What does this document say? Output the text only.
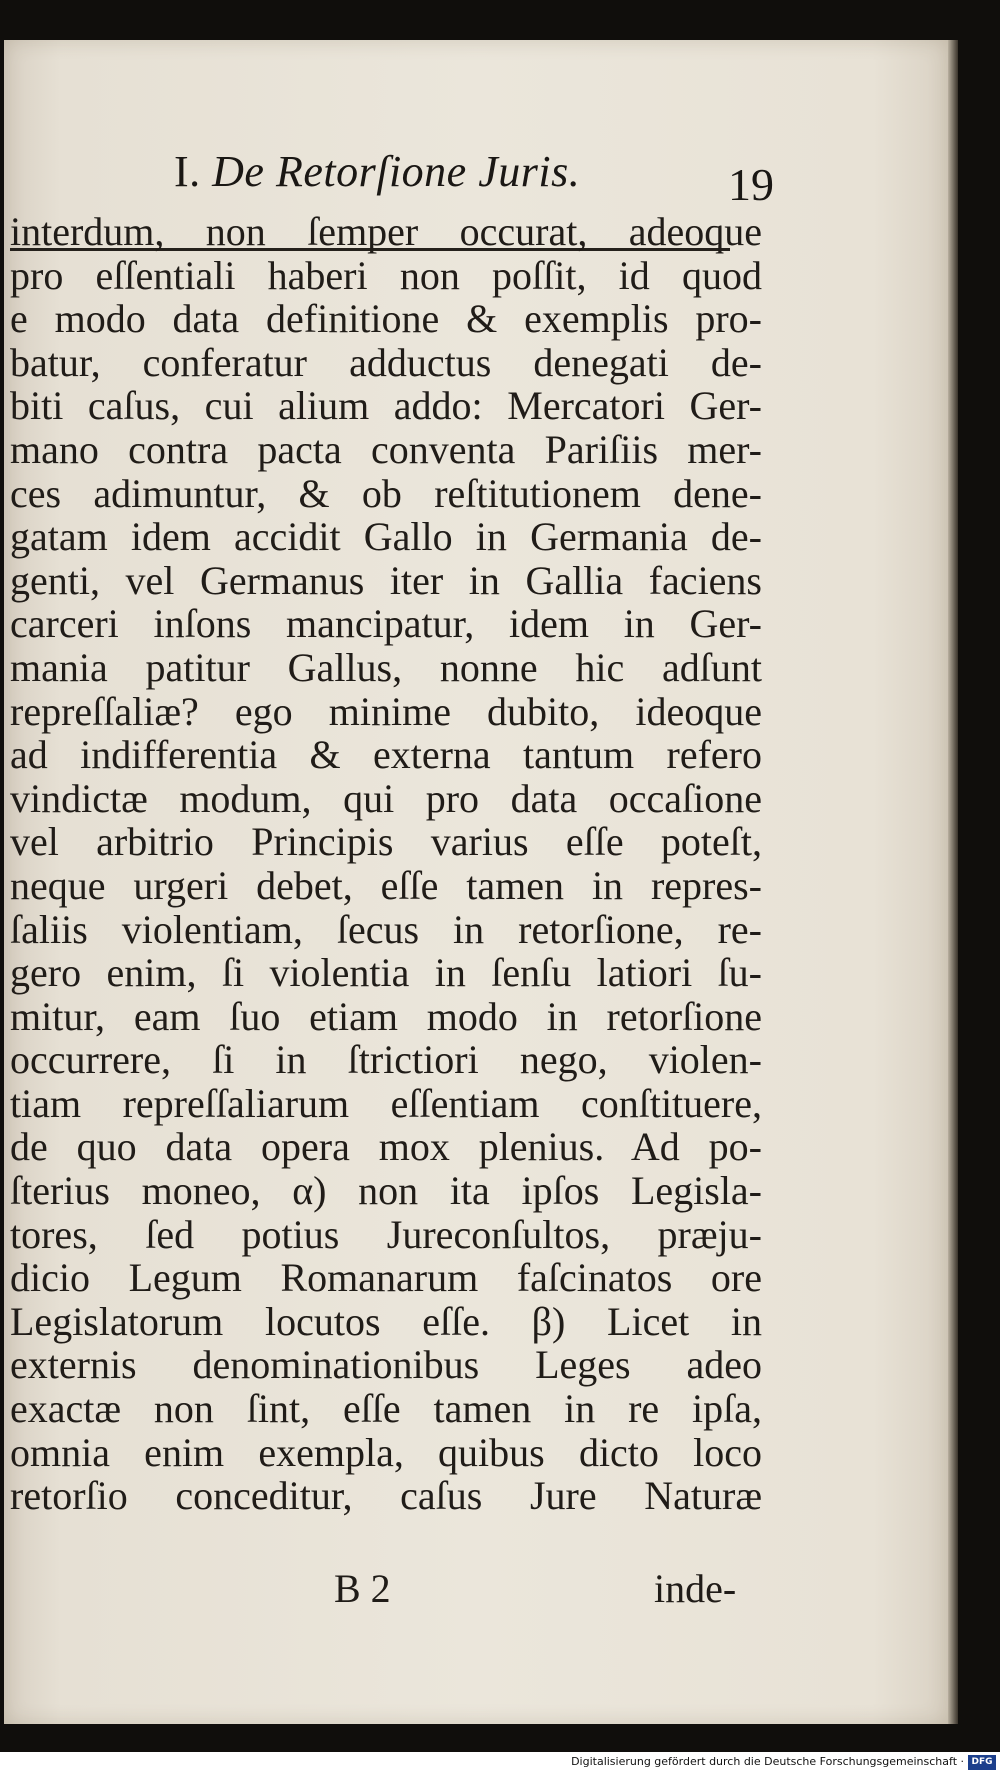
I. De Retorſione Juris.	19
interdum, non ſemper occurat, adeoque
pro eſſentiali haberi non poſſit, id quod
e modo data definitione & exemplis pro-
batur, conferatur adductus denegati de-
biti caſus, cui alium addo: Mercatori Ger-
mano contra pacta conventa Pariſiis mer-
ces adimuntur, & ob reſtitutionem dene-
gatam idem accidit Gallo in Germania de-
genti, vel Germanus iter in Gallia faciens
carceri inſons mancipatur, idem in Ger-
mania patitur Gallus, nonne hic adſunt
repreſſaliæ? ego minime dubito, ideoque
ad indifferentia & externa tantum refero
vindictæ modum, qui pro data occaſione
vel arbitrio Principis varius eſſe poteſt,
neque urgeri debet, eſſe tamen in repres-
ſaliis violentiam, ſecus in retorſione, re-
gero enim, ſi violentia in ſenſu latiori ſu-
mitur, eam ſuo etiam modo in retorſione
occurrere, ſi in ſtrictiori nego, violen-
tiam repreſſaliarum eſſentiam conſtituere,
de quo data opera mox plenius. Ad po-
ſterius moneo, α) non ita ipſos Legisla-
tores, ſed potius Jureconſultos, præju-
dicio Legum Romanarum faſcinatos ore
Legislatorum locutos eſſe. β) Licet in
externis denominationibus Leges adeo
exactæ non ſint, eſſe tamen in re ipſa,
omnia enim exempla, quibus dicto loco
retorſio conceditur, caſus Jure Naturæ
B 2	inde-
Digitalisierung gefördert durch die Deutsche Forschungsgemeinschaft · DFG
